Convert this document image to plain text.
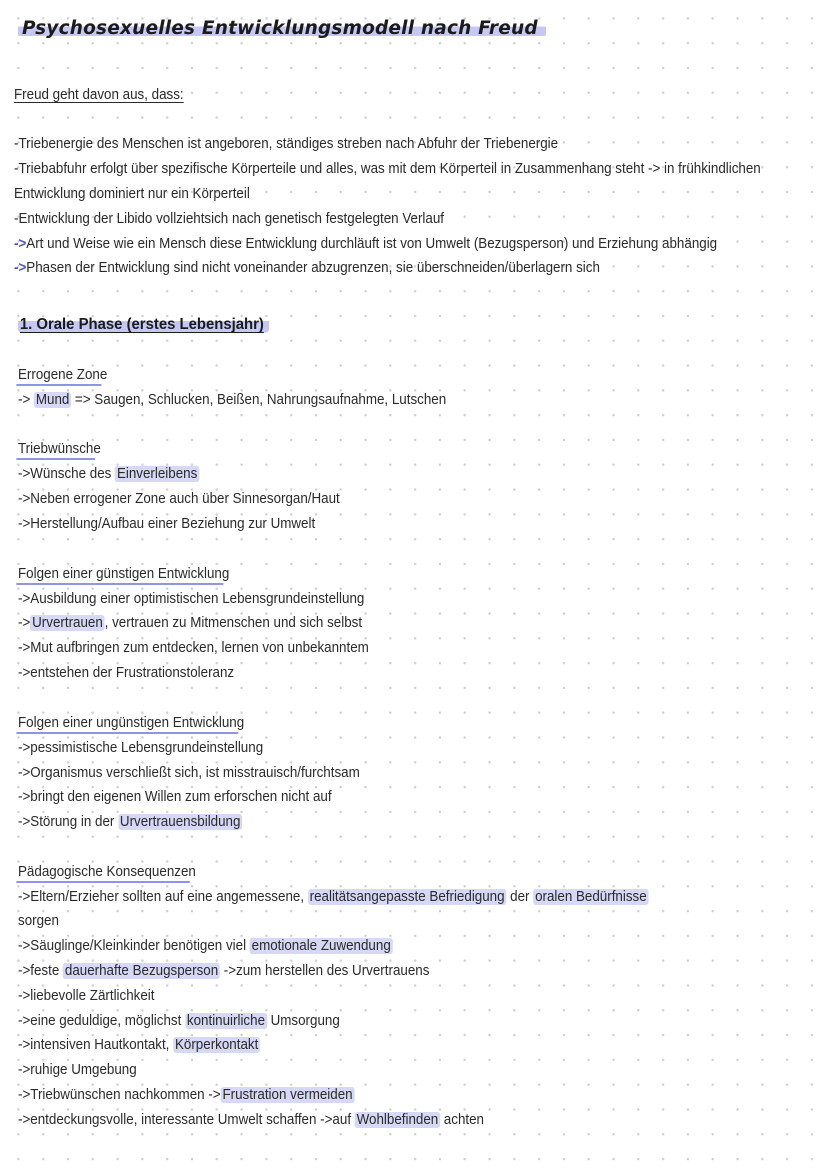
Psychosexuelles Entwicklungsmodell nach Freud
Freud geht davon aus, dass:
-Triebenergie des Menschen ist angeboren, ständiges streben nach Abfuhr der Triebenergie
-Triebabfuhr erfolgt über spezifische Körperteile und alles, was mit dem Körperteil in Zusammenhang steht -> in frühkindlichen
Entwicklung dominiert nur ein Körperteil
-Entwicklung der Libido vollziehtsich nach genetisch festgelegten Verlauf
->Art und Weise wie ein Mensch diese Entwicklung durchläuft ist von Umwelt (Bezugsperson) und Erziehung abhängig
->Phasen der Entwicklung sind nicht voneinander abzugrenzen, sie überschneiden/überlagern sich
1. Orale Phase (erstes Lebensjahr)
Errogene Zone
-> Mund => Saugen, Schlucken, Beißen, Nahrungsaufnahme, Lutschen
Triebwünsche
->Wünsche des Einverleibens
->Neben errogener Zone auch über Sinnesorgan/Haut
->Herstellung/Aufbau einer Beziehung zur Umwelt
Folgen einer günstigen Entwicklung
->Ausbildung einer optimistischen Lebensgrundeinstellung
-> Urvertrauen , vertrauen zu Mitmenschen und sich selbst
->Mut aufbringen zum entdecken, lernen von unbekanntem
->entstehen der Frustrationstoleranz
Folgen einer ungünstigen Entwicklung
->pessimistische Lebensgrundeinstellung
->Organismus verschließt sich, ist misstrauisch/furchtsam
->bringt den eigenen Willen zum erforschen nicht auf
->Störung in der Urvertrauensbildung
Pädagogische Konsequenzen
->Eltern/Erzieher sollten auf eine angemessene, realitätsangepasste Befriedigung der oralen Bedürfnisse
sorgen
->Säuglinge/Kleinkinder benötigen viel emotionale Zuwendung
->feste dauerhafte Bezugsperson ->zum herstellen des Urvertrauens
->liebevolle Zärtlichkeit
->eine geduldige, möglichst kontinuirliche Umsorgung
->intensiven Hautkontakt, Körperkontakt
->ruhige Umgebung
->Triebwünschen nachkommen -> Frustration vermeiden
->entdeckungsvolle, interessante Umwelt schaffen ->auf Wohlbefinden achten
